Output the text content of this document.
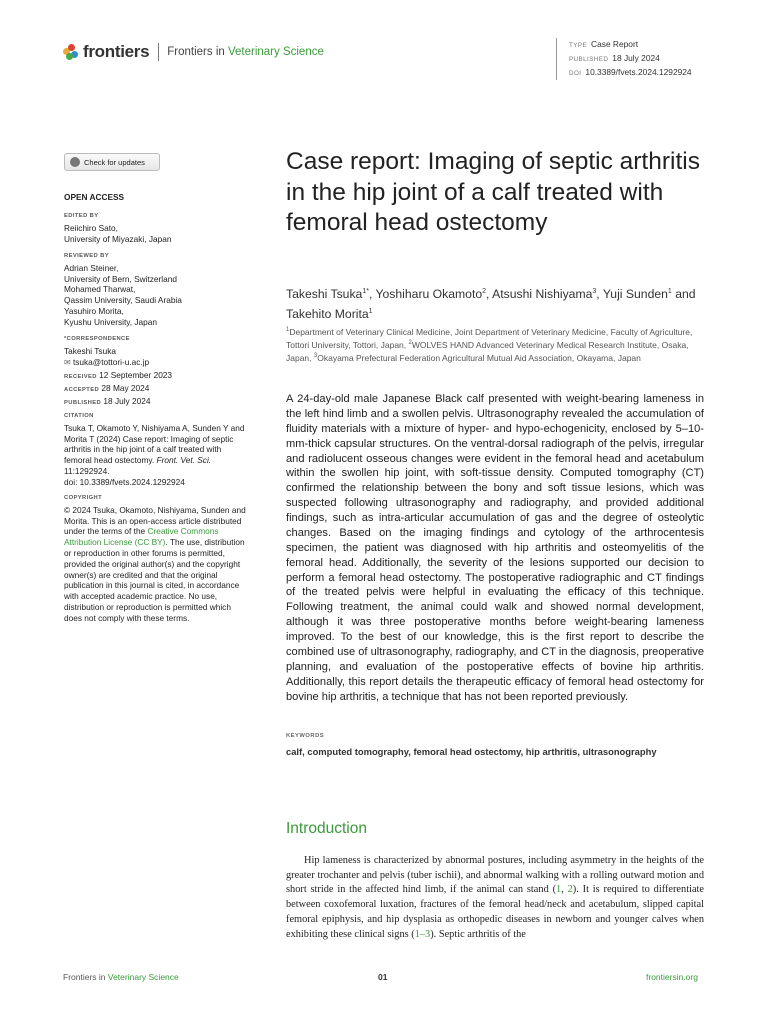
frontiers Frontiers in Veterinary Science
TYPE Case Report
PUBLISHED 18 July 2024
DOI 10.3389/fvets.2024.1292924
Check for updates
OPEN ACCESS
EDITED BY
Reiichiro Sato,
University of Miyazaki, Japan
REVIEWED BY
Adrian Steiner,
University of Bern, Switzerland
Mohamed Tharwat,
Qassim University, Saudi Arabia
Yasuhiro Morita,
Kyushu University, Japan
*CORRESPONDENCE
Takeshi Tsuka
✉ tsuka@tottori-u.ac.jp
RECEIVED 12 September 2023
ACCEPTED 28 May 2024
PUBLISHED 18 July 2024
CITATION
Tsuka T, Okamoto Y, Nishiyama A, Sunden Y and Morita T (2024) Case report: Imaging of septic arthritis in the hip joint of a calf treated with femoral head ostectomy. Front. Vet. Sci. 11:1292924.
doi: 10.3389/fvets.2024.1292924
COPYRIGHT
© 2024 Tsuka, Okamoto, Nishiyama, Sunden and Morita. This is an open-access article distributed under the terms of the Creative Commons Attribution License (CC BY). The use, distribution or reproduction in other forums is permitted, provided the original author(s) and the copyright owner(s) are credited and that the original publication in this journal is cited, in accordance with accepted academic practice. No use, distribution or reproduction is permitted which does not comply with these terms.
Case report: Imaging of septic arthritis in the hip joint of a calf treated with femoral head ostectomy
Takeshi Tsuka$^{1*}$, Yoshiharu Okamoto$^2$, Atsushi Nishiyama$^3$, Yuji Sunden$^1$ and Takehito Morita$^1$
$^1$Department of Veterinary Clinical Medicine, Joint Department of Veterinary Medicine, Faculty of Agriculture, Tottori University, Tottori, Japan, $^2$WOLVES HAND Advanced Veterinary Medical Research Institute, Osaka, Japan, $^3$Okayama Prefectural Federation Agricultural Mutual Aid Association, Okayama, Japan
A 24-day-old male Japanese Black calf presented with weight-bearing lameness in the left hind limb and a swollen pelvis. Ultrasonography revealed the accumulation of fluidity materials with a mixture of hyper- and hypo-echogenicity, enclosed by 5–10-mm-thick capsular structures. On the ventral-dorsal radiograph of the pelvis, irregular and radiolucent osseous changes were evident in the femoral head and acetabulum within the swollen hip joint, with soft-tissue density. Computed tomography (CT) confirmed the relationship between the bony and soft tissue lesions, which was suspected following ultrasonography and radiography, and provided additional findings, such as intra-articular accumulation of gas and the degree of osteolytic changes. Based on the imaging findings and cytology of the arthrocentesis specimen, the patient was diagnosed with hip arthritis and osteomyelitis of the femoral head. Additionally, the severity of the lesions supported our decision to perform a femoral head ostectomy. The postoperative radiographic and CT findings of the treated pelvis were helpful in evaluating the efficacy of this technique. Following treatment, the animal could walk and showed normal development, although it was three postoperative months before weight-bearing lameness improved. To the best of our knowledge, this is the first report to describe the combined use of ultrasonography, radiography, and CT in the diagnosis, preoperative planning, and evaluation of the postoperative effects of bovine hip arthritis. Additionally, this report details the therapeutic efficacy of femoral head ostectomy for bovine hip arthritis, a technique that has not been reported previously.
KEYWORDS
calf, computed tomography, femoral head ostectomy, hip arthritis, ultrasonography
Introduction

Hip lameness is characterized by abnormal postures, including asymmetry in the heights of the greater trochanter and pelvis (tuber ischii), and abnormal walking with a rolling outward motion and short stride in the affected hind limb, if the animal can stand (1, 2). It is required to differentiate between coxofemoral luxation, fractures of the femoral head/neck and acetabulum, slipped capital femoral epiphysis, and hip dysplasia as orthopedic diseases in newborn and younger calves when exhibiting these clinical signs (1–3). Septic arthritis of the

Frontiers in Veterinary Science	01	frontiersin.org
